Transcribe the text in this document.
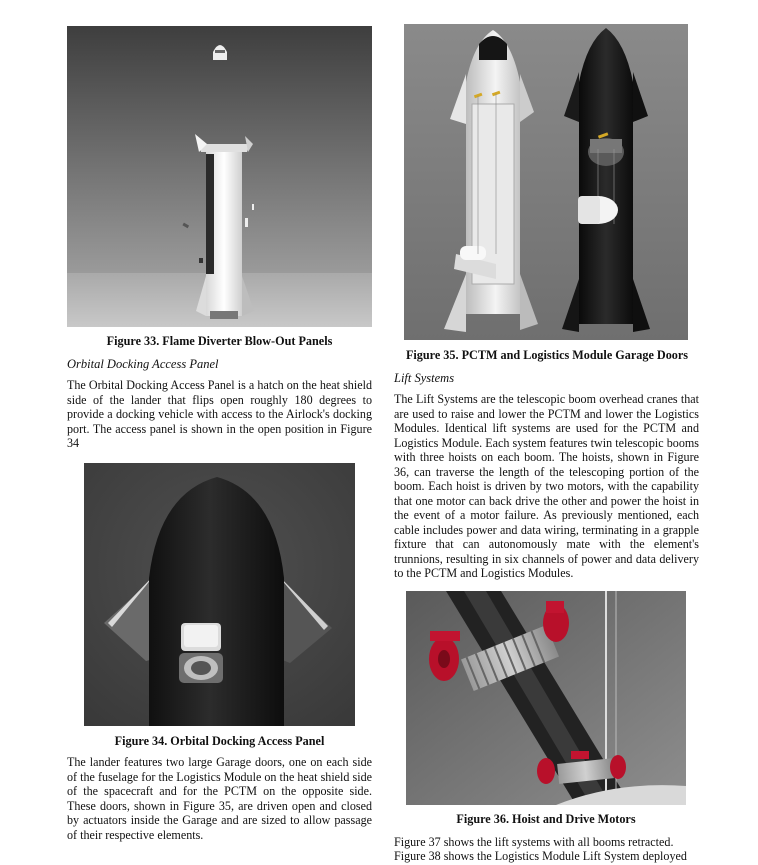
Figure 33. Flame Diverter Blow-Out Panels
Orbital Docking Access Panel
The Orbital Docking Access Panel is a hatch on the heat shield side of the lander that flips open roughly 180 degrees to provide a docking vehicle with access to the Airlock's docking port. The access panel is shown in the open position in Figure 34
Figure 34. Orbital Docking Access Panel
The lander features two large Garage doors, one on each side of the fuselage for the Logistics Module on the heat shield side of the spacecraft and for the PCTM on the opposite side. These doors, shown in Figure 35, are driven open and closed by actuators inside the Garage and are sized to allow passage of their respective elements.
Figure 35. PCTM and Logistics Module Garage Doors
Lift Systems
The Lift Systems are the telescopic boom overhead cranes that are used to raise and lower the PCTM and lower the Logistics Modules. Identical lift systems are used for the PCTM and Logistics Module. Each system features twin telescopic booms with three hoists on each boom. The hoists, shown in Figure 36, can traverse the length of the telescoping portion of the boom. Each hoist is driven by two motors, with the capability that one motor can back drive the other and power the hoist in the event of a motor failure. As previously mentioned, each cable includes power and data wiring, terminating in a grapple fixture that can autonomously mate with the element's trunnions, resulting in six channels of power and data delivery to the PCTM and Logistics Modules.
Figure 36. Hoist and Drive Motors
Figure 37 shows the lift systems with all booms retracted.
Figure 38 shows the Logistics Module Lift System deployed
